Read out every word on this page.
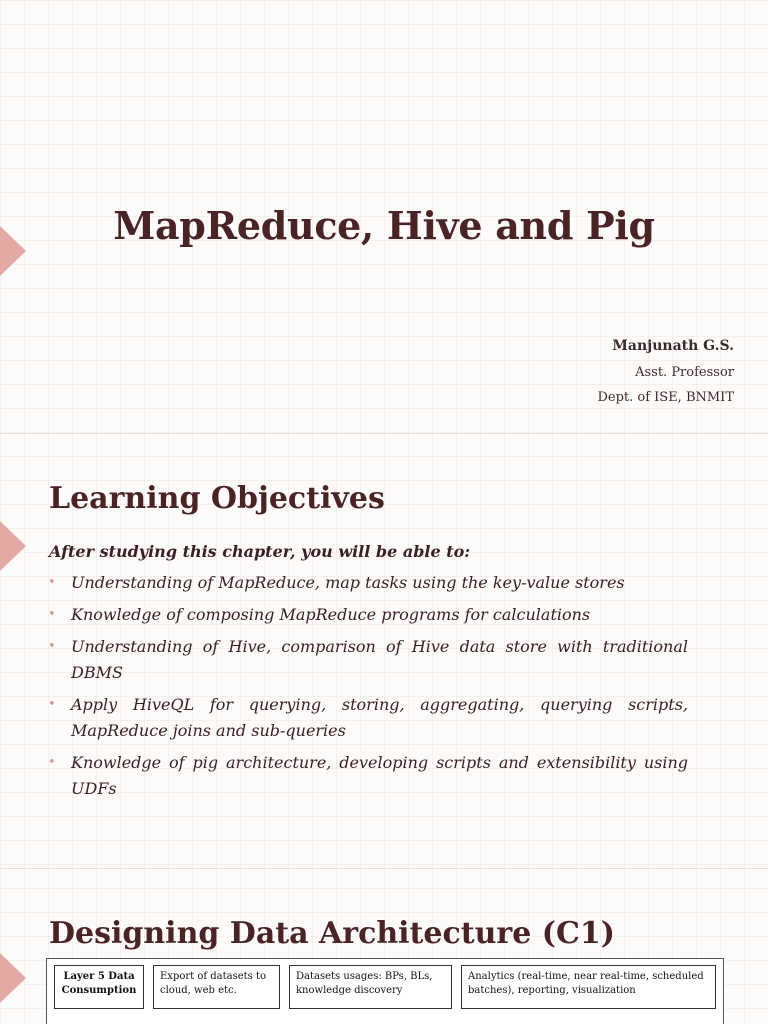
MapReduce, Hive and Pig
Manjunath G.S.
Asst. Professor
Dept. of ISE, BNMIT
Learning Objectives
After studying this chapter, you will be able to:
• Understanding of MapReduce, map tasks using the key-value stores
• Knowledge of composing MapReduce programs for calculations
• Understanding of Hive, comparison of Hive data store with traditional DBMS
• Apply HiveQL for querying, storing, aggregating, querying scripts, MapReduce joins and sub-queries
• Knowledge of pig architecture, developing scripts and extensibility using UDFs
Designing Data Architecture (C1)
Layer 5 Data Consumption
Export of datasets to cloud, web etc.
Datasets usages: BPs, BLs, knowledge discovery
Analytics (real-time, near real-time, scheduled batches), reporting, visualization
